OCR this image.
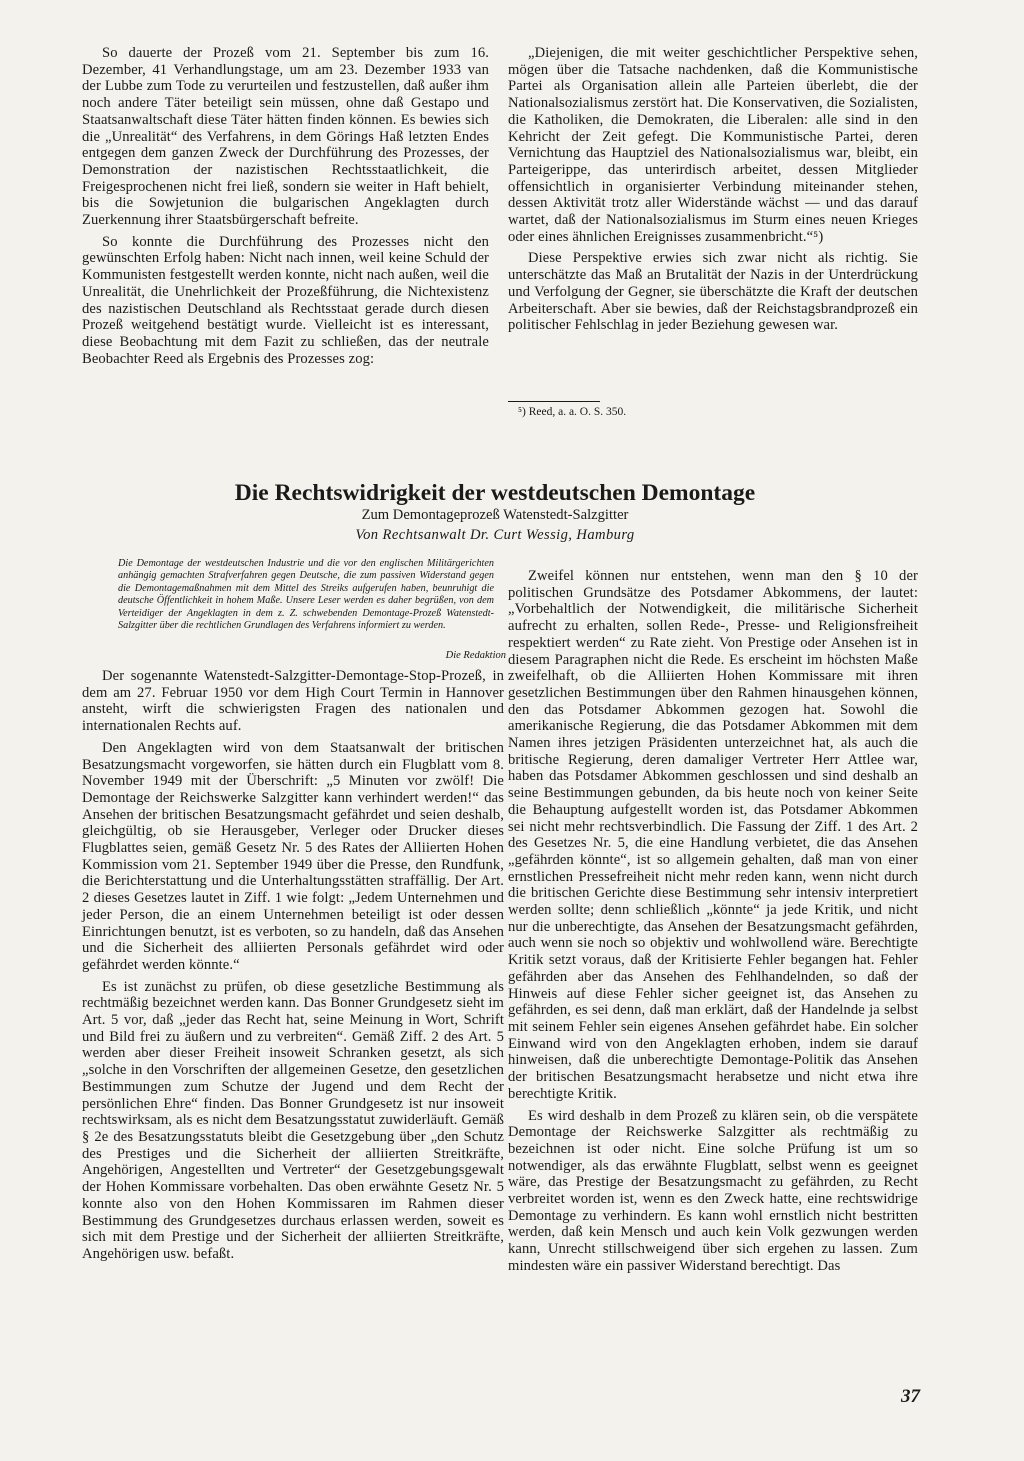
So dauerte der Prozeß vom 21. September bis zum 16. Dezember, 41 Verhandlungstage, um am 23. Dezember 1933 van der Lubbe zum Tode zu verurteilen und festzustellen, daß außer ihm noch andere Täter beteiligt sein müssen, ohne daß Gestapo und Staatsanwaltschaft diese Täter hätten finden können. Es bewies sich die „Unrealität“ des Verfahrens, in dem Görings Haß letzten Endes entgegen dem ganzen Zweck der Durchführung des Prozesses, der Demonstration der nazistischen Rechtsstaatlichkeit, die Freigesprochenen nicht frei ließ, sondern sie weiter in Haft behielt, bis die Sowjetunion die bulgarischen Angeklagten durch Zuerkennung ihrer Staatsbürgerschaft befreite.

So konnte die Durchführung des Prozesses nicht den gewünschten Erfolg haben: Nicht nach innen, weil keine Schuld der Kommunisten festgestellt werden konnte, nicht nach außen, weil die Unrealität, die Unehrlichkeit der Prozeßführung, die Nichtexistenz des nazistischen Deutschland als Rechtsstaat gerade durch diesen Prozeß weitgehend bestätigt wurde. Vielleicht ist es interessant, diese Beobachtung mit dem Fazit zu schließen, das der neutrale Beobachter Reed als Ergebnis des Prozesses zog:

„Diejenigen, die mit weiter geschichtlicher Perspektive sehen, mögen über die Tatsache nachdenken, daß die Kommunistische Partei als Organisation allein alle Parteien überlebt, die der Nationalsozialismus zerstört hat. Die Konservativen, die Sozialisten, die Katholiken, die Demokraten, die Liberalen: alle sind in den Kehricht der Zeit gefegt. Die Kommunistische Partei, deren Vernichtung das Hauptziel des Nationalsozialismus war, bleibt, ein Parteigerippe, das unterirdisch arbeitet, dessen Mitglieder offensichtlich in organisierter Verbindung miteinander stehen, dessen Aktivität trotz aller Widerstände wächst — und das darauf wartet, daß der Nationalsozialismus im Sturm eines neuen Krieges oder eines ähnlichen Ereignisses zusammenbricht.“⁵)

Diese Perspektive erwies sich zwar nicht als richtig. Sie unterschätzte das Maß an Brutalität der Nazis in der Unterdrückung und Verfolgung der Gegner, sie überschätzte die Kraft der deutschen Arbeiterschaft. Aber sie bewies, daß der Reichstagsbrandprozeß ein politischer Fehlschlag in jeder Beziehung gewesen war.

⁵) Reed, a. a. O. S. 350.
Die Rechtswidrigkeit der westdeutschen Demontage
Zum Demontageprozeß Watenstedt-Salzgitter
Von Rechtsanwalt Dr. Curt Wessig, Hamburg
Die Demontage der westdeutschen Industrie und die vor den englischen Militärgerichten anhängig gemachten Strafverfahren gegen Deutsche, die zum passiven Widerstand gegen die Demontagemaßnahmen mit dem Mittel des Streiks aufgerufen haben, beunruhigt die deutsche Öffentlichkeit in hohem Maße. Unsere Leser werden es daher begrüßen, von dem Verteidiger der Angeklagten in dem z. Z. schwebenden Demontage-Prozeß Watenstedt-Salzgitter über die rechtlichen Grundlagen des Verfahrens informiert zu werden.
Die Redaktion

Der sogenannte Watenstedt-Salzgitter-Demontage-Stop-Prozeß, in dem am 27. Februar 1950 vor dem High Court Termin in Hannover ansteht, wirft die schwierigsten Fragen des nationalen und internationalen Rechts auf.

Den Angeklagten wird von dem Staatsanwalt der britischen Besatzungsmacht vorgeworfen, sie hätten durch ein Flugblatt vom 8. November 1949 mit der Überschrift: „5 Minuten vor zwölf! Die Demontage der Reichswerke Salzgitter kann verhindert werden!“ das Ansehen der britischen Besatzungsmacht gefährdet und seien deshalb, gleichgültig, ob sie Herausgeber, Verleger oder Drucker dieses Flugblattes seien, gemäß Gesetz Nr. 5 des Rates der Alliierten Hohen Kommission vom 21. September 1949 über die Presse, den Rundfunk, die Berichterstattung und die Unterhaltungsstätten straffällig. Der Art. 2 dieses Gesetzes lautet in Ziff. 1 wie folgt: „Jedem Unternehmen und jeder Person, die an einem Unternehmen beteiligt ist oder dessen Einrichtungen benutzt, ist es verboten, so zu handeln, daß das Ansehen und die Sicherheit des alliierten Personals gefährdet wird oder gefährdet werden könnte.“

Es ist zunächst zu prüfen, ob diese gesetzliche Bestimmung als rechtmäßig bezeichnet werden kann. Das Bonner Grundgesetz sieht im Art. 5 vor, daß „jeder das Recht hat, seine Meinung in Wort, Schrift und Bild frei zu äußern und zu verbreiten“. Gemäß Ziff. 2 des Art. 5 werden aber dieser Freiheit insoweit Schranken gesetzt, als sich „solche in den Vorschriften der allgemeinen Gesetze, den gesetzlichen Bestimmungen zum Schutze der Jugend und dem Recht der persönlichen Ehre“ finden. Das Bonner Grundgesetz ist nur insoweit rechtswirksam, als es nicht dem Besatzungsstatut zuwiderläuft. Gemäß § 2e des Besatzungsstatuts bleibt die Gesetzgebung über „den Schutz des Prestiges und die Sicherheit der alliierten Streitkräfte, Angehörigen, Angestellten und Vertreter“ der Gesetzgebungsgewalt der Hohen Kommissare vorbehalten. Das oben erwähnte Gesetz Nr. 5 konnte also von den Hohen Kommissaren im Rahmen dieser Bestimmung des Grundgesetzes durchaus erlassen werden, soweit es sich mit dem Prestige und der Sicherheit der alliierten Streitkräfte, Angehörigen usw. befaßt.

Zweifel können nur entstehen, wenn man den § 10 der politischen Grundsätze des Potsdamer Abkommens, der lautet: „Vorbehaltlich der Notwendigkeit, die militärische Sicherheit aufrecht zu erhalten, sollen Rede-, Presse- und Religionsfreiheit respektiert werden“ zu Rate zieht. Von Prestige oder Ansehen ist in diesem Paragraphen nicht die Rede. Es erscheint im höchsten Maße zweifelhaft, ob die Alliierten Hohen Kommissare mit ihren gesetzlichen Bestimmungen über den Rahmen hinausgehen können, den das Potsdamer Abkommen gezogen hat. Sowohl die amerikanische Regierung, die das Potsdamer Abkommen mit dem Namen ihres jetzigen Präsidenten unterzeichnet hat, als auch die britische Regierung, deren damaliger Vertreter Herr Attlee war, haben das Potsdamer Abkommen geschlossen und sind deshalb an seine Bestimmungen gebunden, da bis heute noch von keiner Seite die Behauptung aufgestellt worden ist, das Potsdamer Abkommen sei nicht mehr rechtsverbindlich. Die Fassung der Ziff. 1 des Art. 2 des Gesetzes Nr. 5, die eine Handlung verbietet, die das Ansehen „gefährden könnte“, ist so allgemein gehalten, daß man von einer ernstlichen Pressefreiheit nicht mehr reden kann, wenn nicht durch die britischen Gerichte diese Bestimmung sehr intensiv interpretiert werden sollte; denn schließlich „könnte“ ja jede Kritik, und nicht nur die unberechtigte, das Ansehen der Besatzungsmacht gefährden, auch wenn sie noch so objektiv und wohlwollend wäre. Berechtigte Kritik setzt voraus, daß der Kritisierte Fehler begangen hat. Fehler gefährden aber das Ansehen des Fehlhandelnden, so daß der Hinweis auf diese Fehler sicher geeignet ist, das Ansehen zu gefährden, es sei denn, daß man erklärt, daß der Handelnde ja selbst mit seinem Fehler sein eigenes Ansehen gefährdet habe. Ein solcher Einwand wird von den Angeklagten erhoben, indem sie darauf hinweisen, daß die unberechtigte Demontage-Politik das Ansehen der britischen Besatzungsmacht herabsetze und nicht etwa ihre berechtigte Kritik.

Es wird deshalb in dem Prozeß zu klären sein, ob die verspätete Demontage der Reichswerke Salzgitter als rechtmäßig zu bezeichnen ist oder nicht. Eine solche Prüfung ist um so notwendiger, als das erwähnte Flugblatt, selbst wenn es geeignet wäre, das Prestige der Besatzungsmacht zu gefährden, zu Recht verbreitet worden ist, wenn es den Zweck hatte, eine rechtswidrige Demontage zu verhindern. Es kann wohl ernstlich nicht bestritten werden, daß kein Mensch und auch kein Volk gezwungen werden kann, Unrecht stillschweigend über sich ergehen zu lassen. Zum mindesten wäre ein passiver Widerstand berechtigt. Das

37
